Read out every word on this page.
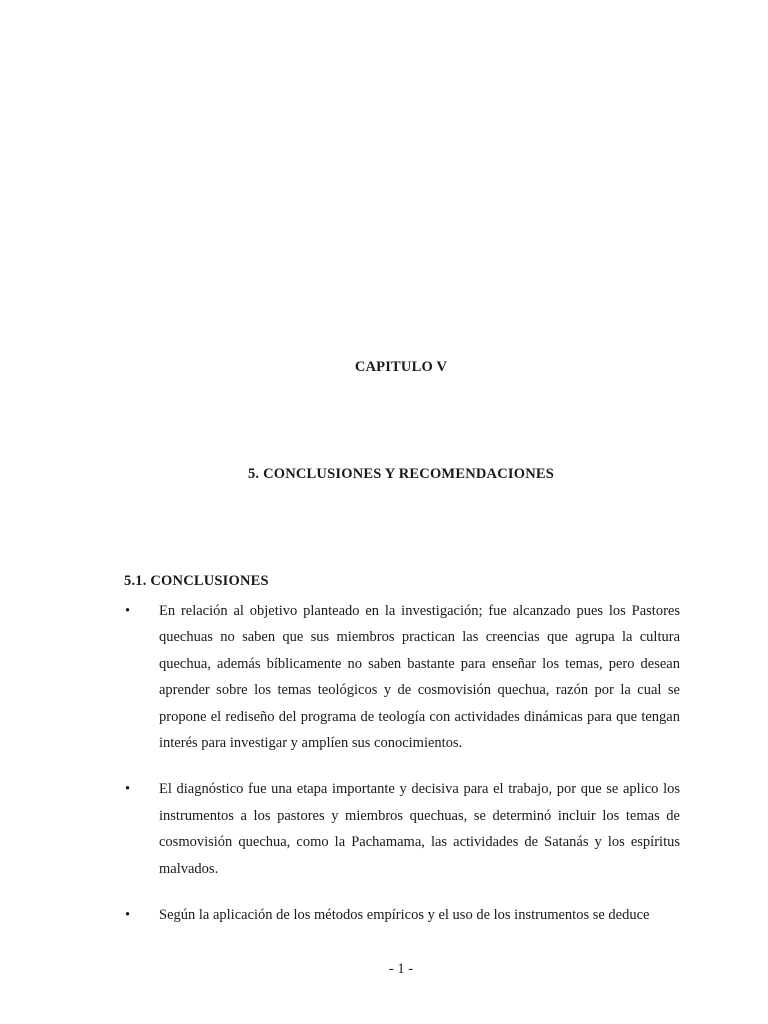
CAPITULO V
5. CONCLUSIONES Y RECOMENDACIONES
5.1. CONCLUSIONES
• En relación al objetivo planteado en la investigación; fue alcanzado pues los Pastores quechuas no saben que sus miembros practican las creencias que agrupa la cultura quechua, además bíblicamente no saben bastante para enseñar los temas, pero desean aprender sobre los temas teológicos y de cosmovisión quechua, razón por la cual se propone el rediseño del programa de teología con actividades dinámicas para que tengan interés para investigar y amplíen sus conocimientos.

• El diagnóstico fue una etapa importante y decisiva para el trabajo, por que se aplico los instrumentos a los pastores y miembros quechuas, se determinó incluir los temas de cosmovisión quechua, como la Pachamama, las actividades de Satanás y los espíritus malvados.

• Según la aplicación de los métodos empíricos y el uso de los instrumentos se deduce

- 1 -
